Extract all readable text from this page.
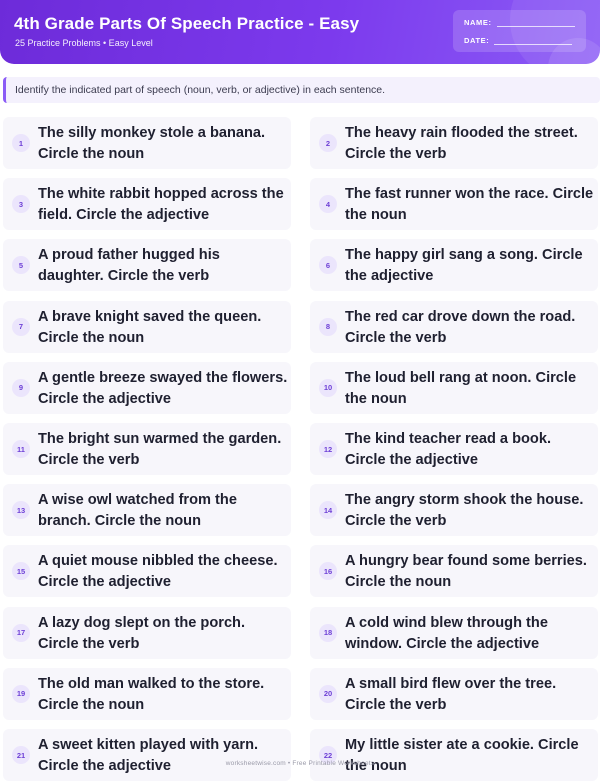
4th Grade Parts Of Speech Practice - Easy
25 Practice Problems • Easy Level
NAME:
DATE:
Identify the indicated part of speech (noun, verb, or adjective) in each sentence.
1
The silly monkey stole a banana. Circle the noun
2
The heavy rain flooded the street. Circle the verb
3
The white rabbit hopped across the field. Circle the adjective
4
The fast runner won the race. Circle the noun
5
A proud father hugged his daughter. Circle the verb
6
The happy girl sang a song. Circle the adjective
7
A brave knight saved the queen. Circle the noun
8
The red car drove down the road. Circle the verb
9
A gentle breeze swayed the flowers. Circle the adjective
10
The loud bell rang at noon. Circle the noun
11
The bright sun warmed the garden. Circle the verb
12
The kind teacher read a book. Circle the adjective
13
A wise owl watched from the branch. Circle the noun
14
The angry storm shook the house. Circle the verb
15
A quiet mouse nibbled the cheese. Circle the adjective
16
A hungry bear found some berries. Circle the noun
17
A lazy dog slept on the porch. Circle the verb
18
A cold wind blew through the window. Circle the adjective
19
The old man walked to the store. Circle the noun
20
A small bird flew over the tree. Circle the verb
21
A sweet kitten played with yarn. Circle the adjective
22
My little sister ate a cookie. Circle the noun
worksheetwise.com • Free Printable Worksheets
